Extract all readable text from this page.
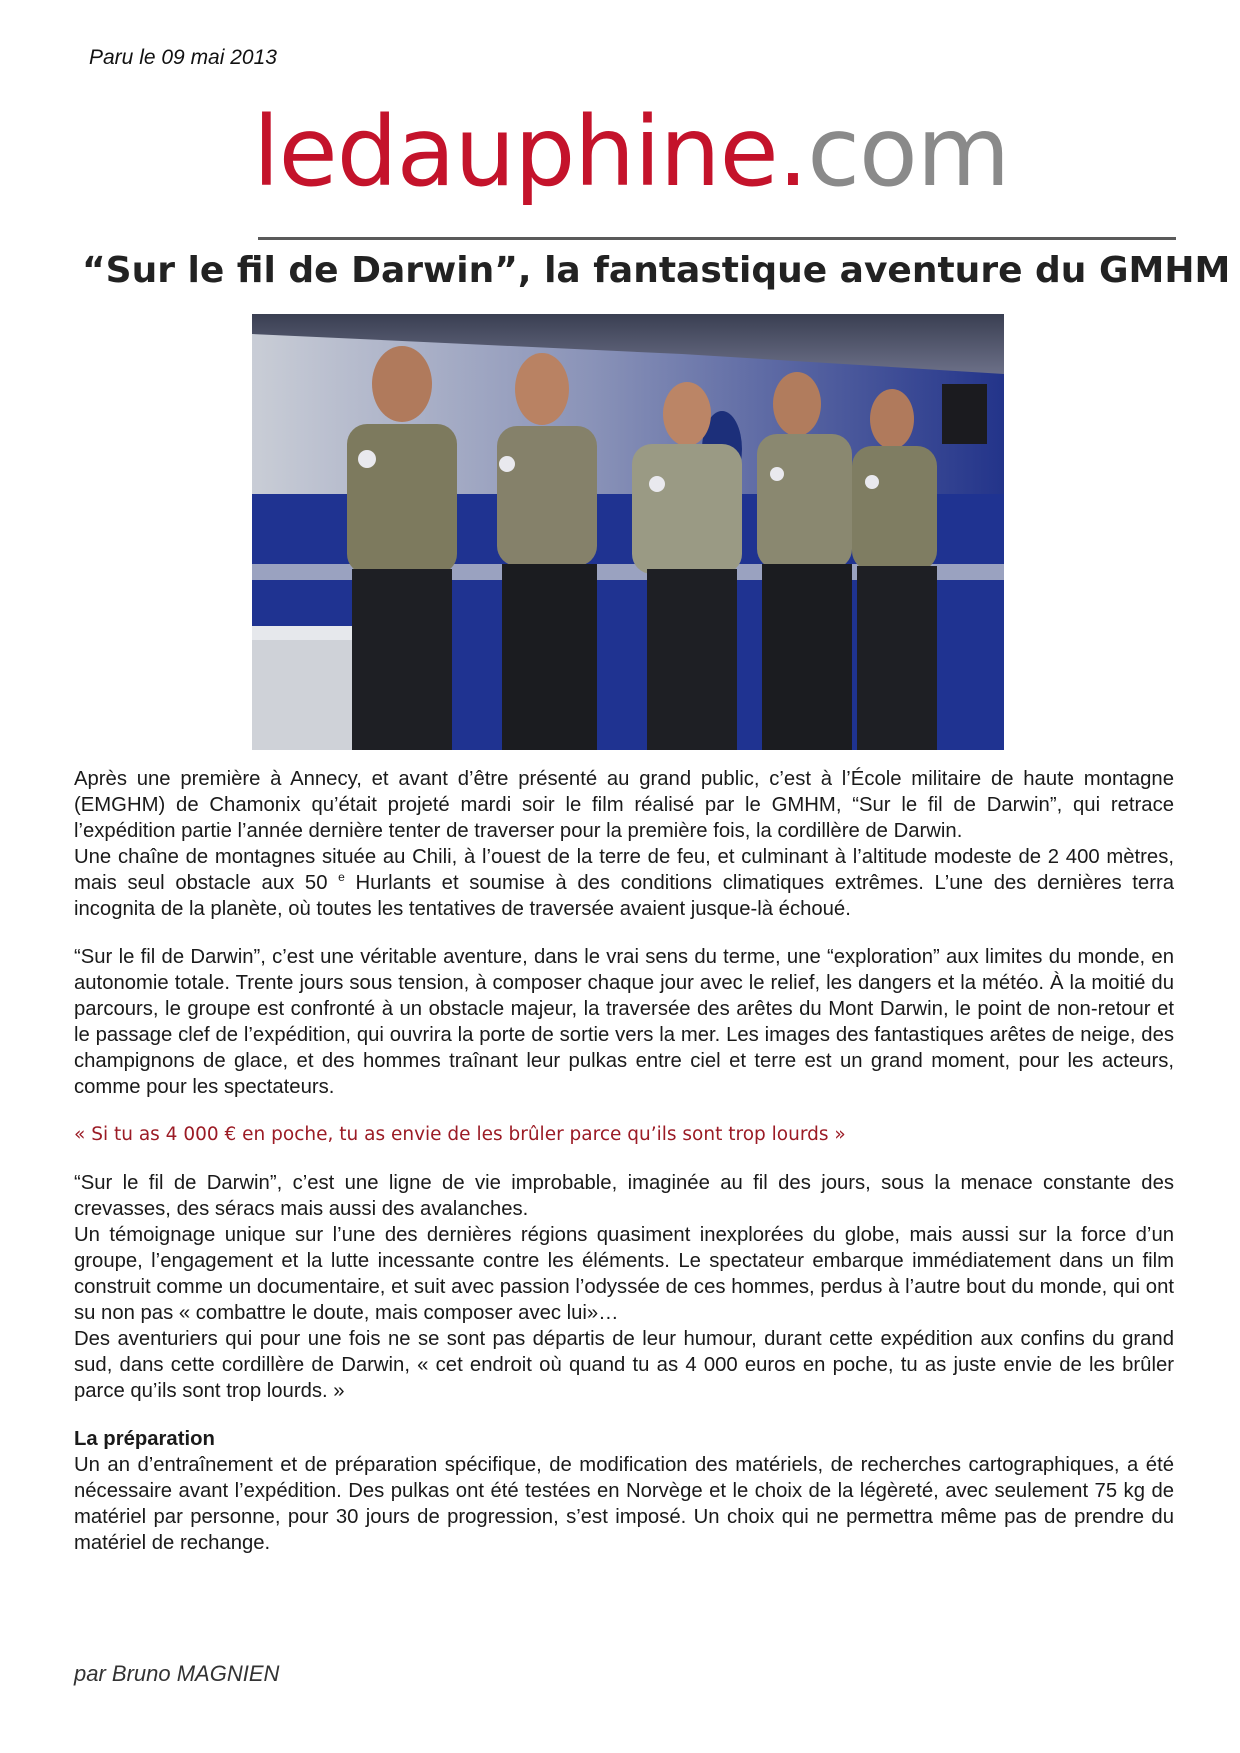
Paru le 09 mai 2013
ledauphine.com
“Sur le fil de Darwin”, la fantastique aventure du GMHM

Après une première à Annecy, et avant d’être présenté au grand public, c’est à l’École militaire de haute montagne (EMGHM) de Chamonix qu’était projeté mardi soir le film réalisé par le GMHM, “Sur le fil de Darwin”, qui retrace l’expédition partie l’année dernière tenter de traverser pour la première fois, la cordillère de Darwin.

Une chaîne de montagnes située au Chili, à l’ouest de la terre de feu, et culminant à l’altitude modeste de 2 400 mètres, mais seul obstacle aux 50 $^e$ Hurlants et soumise à des conditions climatiques extrêmes. L’une des dernières terra incognita de la planète, où toutes les tentatives de traversée avaient jusque-là échoué.

“Sur le fil de Darwin”, c’est une véritable aventure, dans le vrai sens du terme, une “exploration” aux limites du monde, en autonomie totale. Trente jours sous tension, à composer chaque jour avec le relief, les dangers et la météo. À la moitié du parcours, le groupe est confronté à un obstacle majeur, la traversée des arêtes du Mont Darwin, le point de non-retour et le passage clef de l’expédition, qui ouvrira la porte de sortie vers la mer. Les images des fantastiques arêtes de neige, des champignons de glace, et des hommes traînant leur pulkas entre ciel et terre est un grand moment, pour les acteurs, comme pour les spectateurs.

« Si tu as 4 000 € en poche, tu as envie de les brûler parce qu’ils sont trop lourds »

“Sur le fil de Darwin”, c’est une ligne de vie improbable, imaginée au fil des jours, sous la menace constante des crevasses, des séracs mais aussi des avalanches.

Un témoignage unique sur l’une des dernières régions quasiment inexplorées du globe, mais aussi sur la force d’un groupe, l’engagement et la lutte incessante contre les éléments. Le spectateur embarque immédiatement dans un film construit comme un documentaire, et suit avec passion l’odyssée de ces hommes, perdus à l’autre bout du monde, qui ont su non pas « combattre le doute, mais composer avec lui»…

Des aventuriers qui pour une fois ne se sont pas départis de leur humour, durant cette expédition aux confins du grand sud, dans cette cordillère de Darwin, « cet endroit où quand tu as 4 000 euros en poche, tu as juste envie de les brûler parce qu’ils sont trop lourds. »

La préparation

Un an d’entraînement et de préparation spécifique, de modification des matériels, de recherches cartographiques, a été nécessaire avant l’expédition. Des pulkas ont été testées en Norvège et le choix de la légèreté, avec seulement 75 kg de matériel par personne, pour 30 jours de progression, s’est imposé. Un choix qui ne permettra même pas de prendre du matériel de rechange.

par Bruno MAGNIEN
